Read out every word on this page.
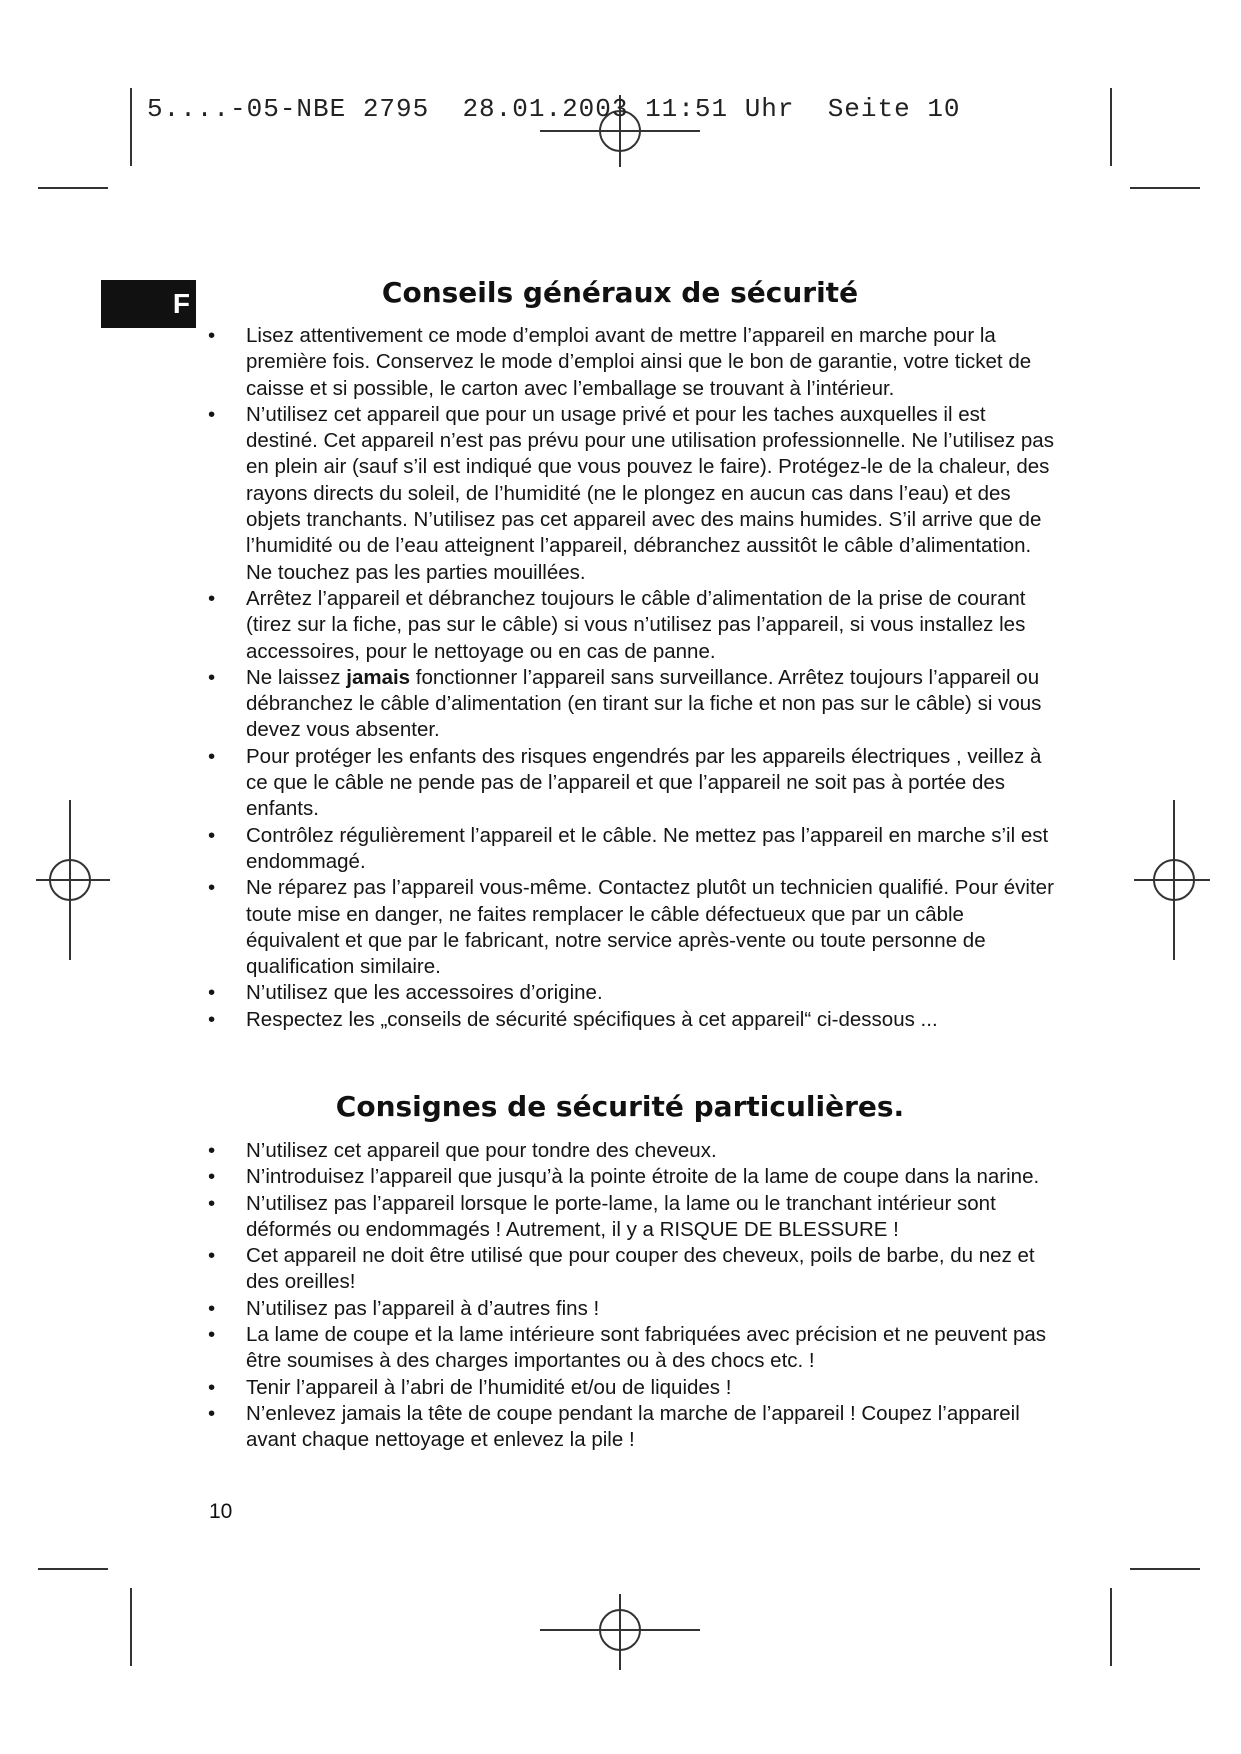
5....-05-NBE 2795  28.01.2003 11:51 Uhr  Seite 10
F	Conseils généraux de sécurité
• Lisez attentivement ce mode d’emploi avant de mettre l’appareil en marche pour la première fois. Conservez le mode d’emploi ainsi que le bon de garantie, votre ticket de caisse et si possible, le carton avec l’emballage se trouvant à l’intérieur.
• N’utilisez cet appareil que pour un usage privé et pour les taches auxquelles il est destiné. Cet appareil n’est pas prévu pour une utilisation professionnelle. Ne l’utilisez pas en plein air (sauf s’il est indiqué que vous pouvez le faire). Protégez-le de la chaleur, des rayons directs du soleil, de l’humidité (ne le plongez en aucun cas dans l’eau) et des objets tranchants. N’utilisez pas cet appareil avec des mains humides. S’il arrive que de l’humidité ou de l’eau atteignent l’appareil, débranchez aussitôt le câble d’alimentation. Ne touchez pas les parties mouillées.
• Arrêtez l’appareil et débranchez toujours le câble d’alimentation de la prise de courant (tirez sur la fiche, pas sur le câble) si vous n’utilisez pas l’appareil, si vous installez les accessoires, pour le nettoyage ou en cas de panne.
• Ne laissez jamais fonctionner l’appareil sans surveillance. Arrêtez toujours l’appareil ou débranchez le câble d’alimentation (en tirant sur la fiche et non pas sur le câble) si vous devez vous absenter.
• Pour protéger les enfants des risques engendrés par les appareils électriques , veillez à ce que le câble ne pende pas de l’appareil et que l’appareil ne soit pas à portée des enfants.
• Contrôlez régulièrement l’appareil et le câble. Ne mettez pas l’appareil en marche s’il est endommagé.
• Ne réparez pas l’appareil vous-même. Contactez plutôt un technicien qualifié. Pour éviter toute mise en danger, ne faites remplacer le câble défectueux que par un câble équivalent et que par le fabricant, notre service après-vente ou toute personne de qualification similaire.
• N’utilisez que les accessoires d’origine.
• Respectez les „conseils de sécurité spécifiques à cet appareil“ ci-dessous ...
Consignes de sécurité particulières.
• N’utilisez cet appareil que pour tondre des cheveux.
• N’introduisez l’appareil que jusqu’à la pointe étroite de la lame de coupe dans la narine.
• N’utilisez pas l’appareil lorsque le porte-lame, la lame ou le tranchant intérieur sont déformés ou endommagés ! Autrement, il y a RISQUE DE BLESSURE !
• Cet appareil ne doit être utilisé que pour couper des cheveux, poils de barbe, du nez et des oreilles!
• N’utilisez pas l’appareil à d’autres fins !
• La lame de coupe et la lame intérieure sont fabriquées avec précision et ne peuvent pas être soumises à des charges importantes ou à des chocs etc. !
• Tenir l’appareil à l’abri de l’humidité et/ou de liquides !
• N’enlevez jamais la tête de coupe pendant la marche de l’appareil ! Coupez l’appareil avant chaque nettoyage et enlevez la pile !
10
